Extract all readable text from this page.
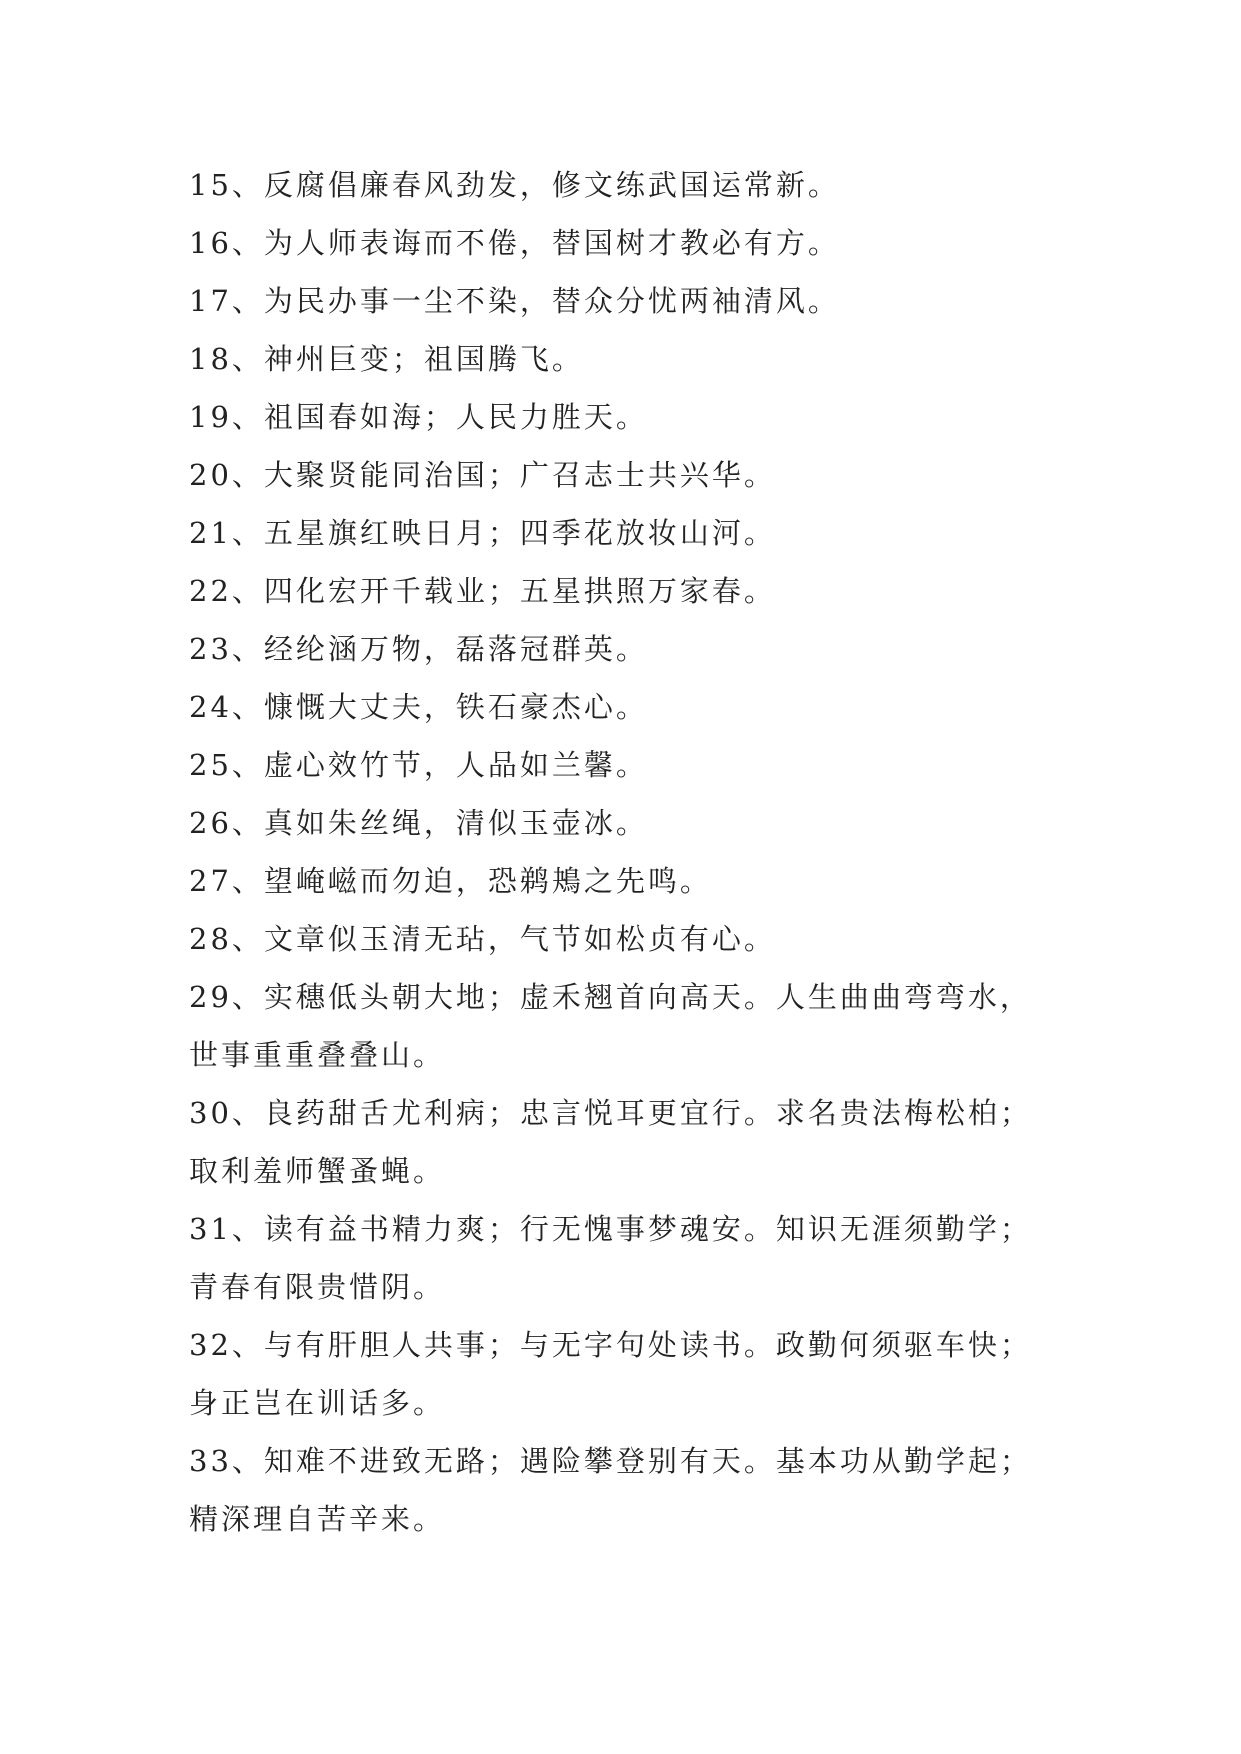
15、反腐倡廉春风劲发，修文练武国运常新。

16、为人师表诲而不倦，替国树才教必有方。

17、为民办事一尘不染，替众分忧两袖清风。

18、神州巨变；祖国腾飞。

19、祖国春如海；人民力胜天。

20、大聚贤能同治国；广召志士共兴华。

21、五星旗红映日月；四季花放妆山河。

22、四化宏开千载业；五星拱照万家春。

23、经纶涵万物，磊落冠群英。

24、慷慨大丈夫，铁石豪杰心。

25、虚心效竹节，人品如兰馨。

26、真如朱丝绳，清似玉壶冰。

27、望崦嵫而勿迫，恐鹈鴂之先鸣。

28、文章似玉清无玷，气节如松贞有心。

29、实穗低头朝大地；虚禾翘首向高天。人生曲曲弯弯水，
世事重重叠叠山。

30、良药甜舌尤利病；忠言悦耳更宜行。求名贵法梅松柏；
取利羞师蟹蚤蝇。

31、读有益书精力爽；行无愧事梦魂安。知识无涯须勤学；
青春有限贵惜阴。

32、与有肝胆人共事；与无字句处读书。政勤何须驱车快；
身正岂在训话多。

33、知难不进致无路；遇险攀登别有天。基本功从勤学起；
精深理自苦辛来。
